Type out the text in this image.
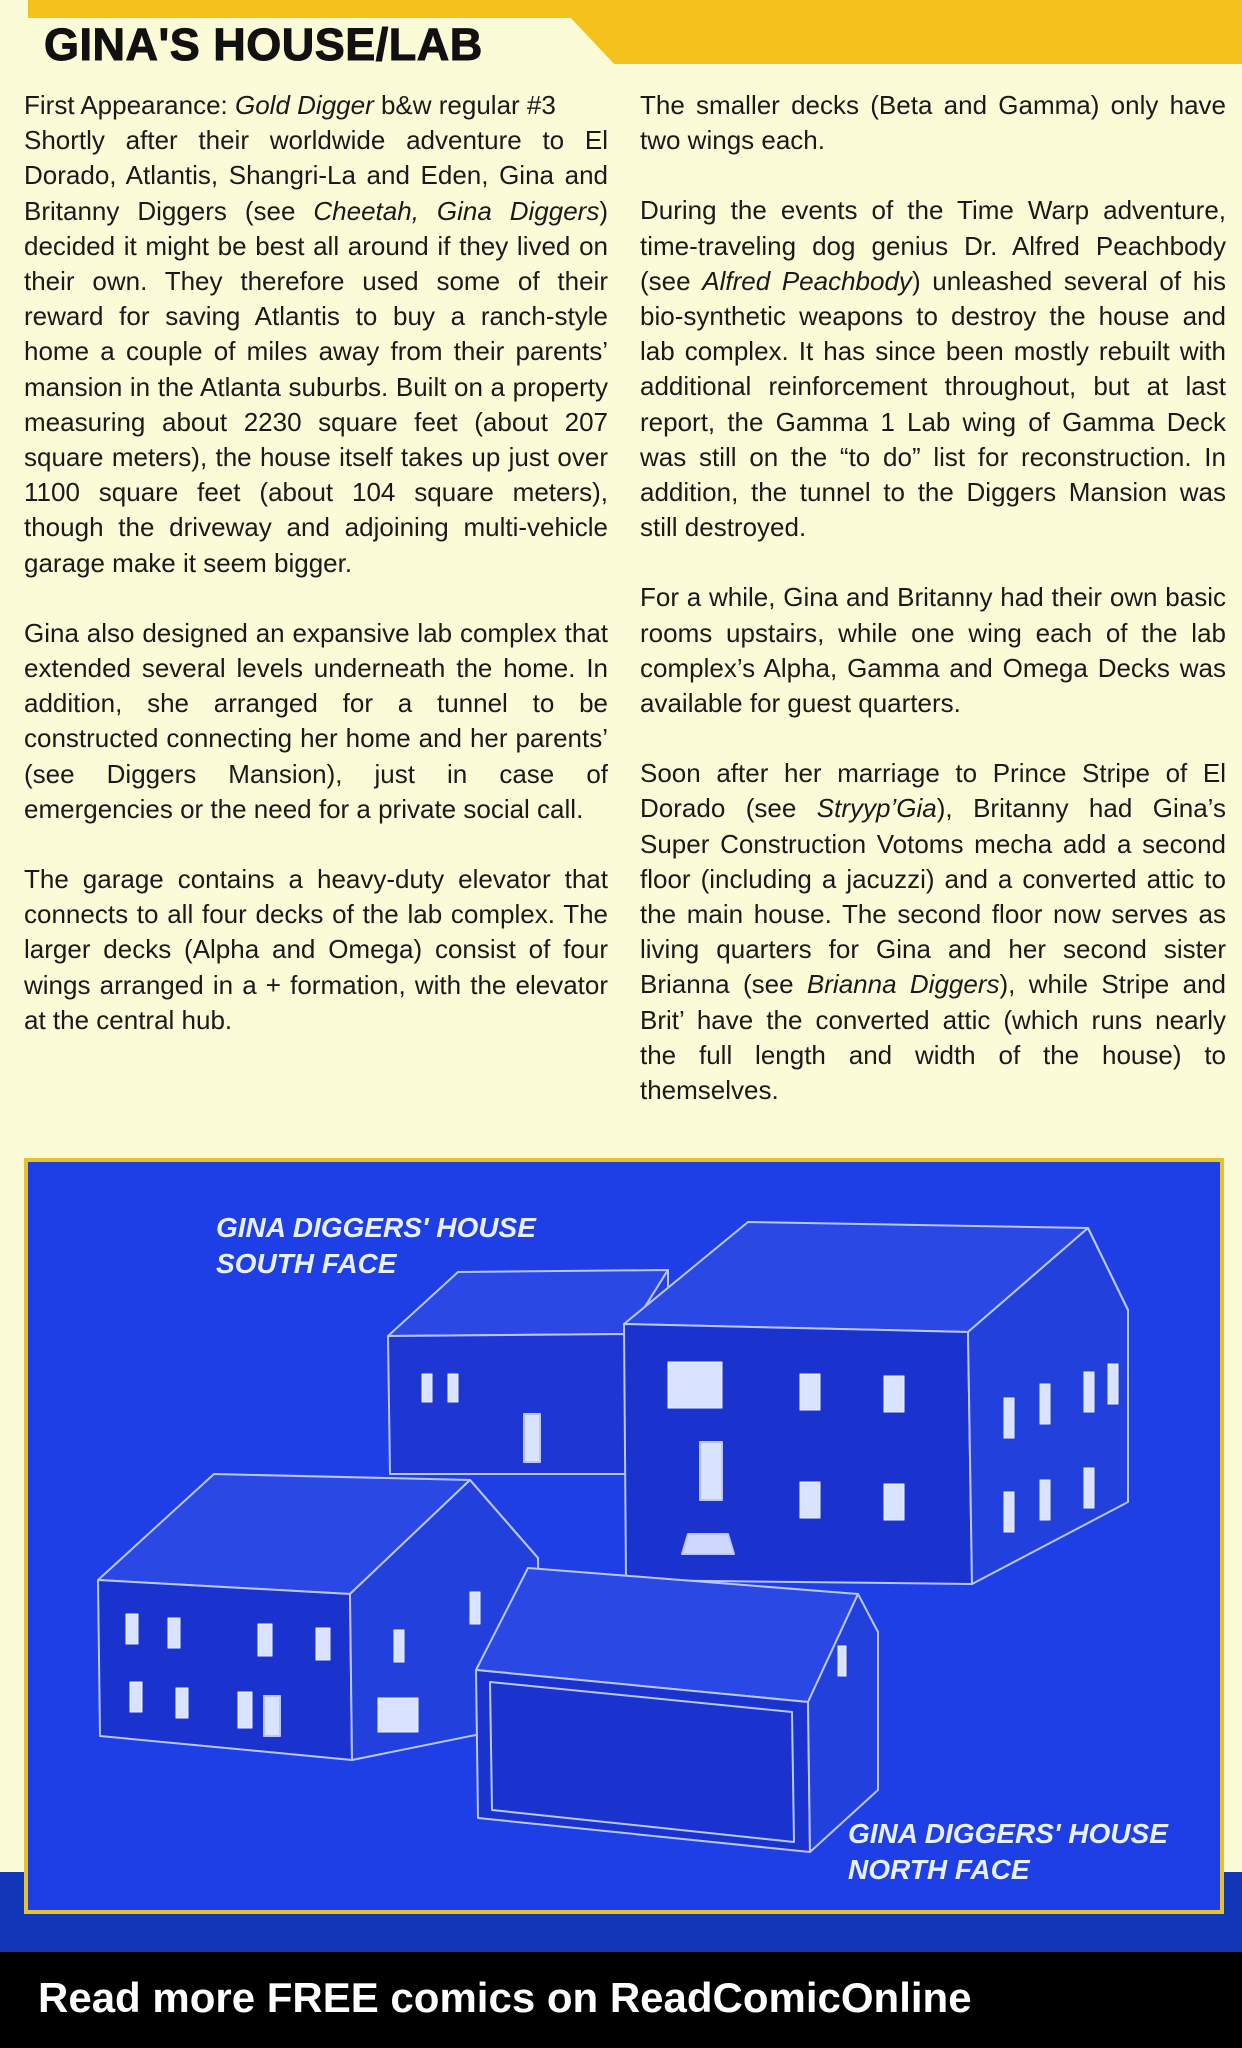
GINA'S HOUSE/LAB

First Appearance: Gold Digger b&w regular #3

Shortly after their worldwide adventure to El Dorado, Atlantis, Shangri-La and Eden, Gina and Britanny Diggers (see Cheetah, Gina Diggers) decided it might be best all around if they lived on their own. They therefore used some of their reward for saving Atlantis to buy a ranch-style home a couple of miles away from their parents’ mansion in the Atlanta suburbs. Built on a property measuring about 2230 square feet (about 207 square meters), the house itself takes up just over 1100 square feet (about 104 square meters), though the driveway and adjoining multi-vehicle garage make it seem bigger.

Gina also designed an expansive lab complex that extended several levels underneath the home. In addition, she arranged for a tunnel to be constructed connecting her home and her parents’ (see Diggers Mansion), just in case of emergencies or the need for a private social call.

The garage contains a heavy-duty elevator that connects to all four decks of the lab complex. The larger decks (Alpha and Omega) consist of four wings arranged in a + formation, with the elevator at the central hub.

The smaller decks (Beta and Gamma) only have two wings each.

During the events of the Time Warp adventure, time-traveling dog genius Dr. Alfred Peachbody (see Alfred Peachbody) unleashed several of his bio-synthetic weapons to destroy the house and lab complex. It has since been mostly rebuilt with additional reinforcement throughout, but at last report, the Gamma 1 Lab wing of Gamma Deck was still on the “to do” list for reconstruction. In addition, the tunnel to the Diggers Mansion was still destroyed.

For a while, Gina and Britanny had their own basic rooms upstairs, while one wing each of the lab complex’s Alpha, Gamma and Omega Decks was available for guest quarters.

Soon after her marriage to Prince Stripe of El Dorado (see Stryyp’Gia), Britanny had Gina’s Super Construction Votoms mecha add a second floor (including a jacuzzi) and a converted attic to the main house. The second floor now serves as living quarters for Gina and her second sister Brianna (see Brianna Diggers), while Stripe and Brit’ have the converted attic (which runs nearly the full length and width of the house) to themselves.

GINA DIGGERS' HOUSE
SOUTH FACE

GINA DIGGERS' HOUSE
NORTH FACE

Read more FREE comics on ReadComicOnline
